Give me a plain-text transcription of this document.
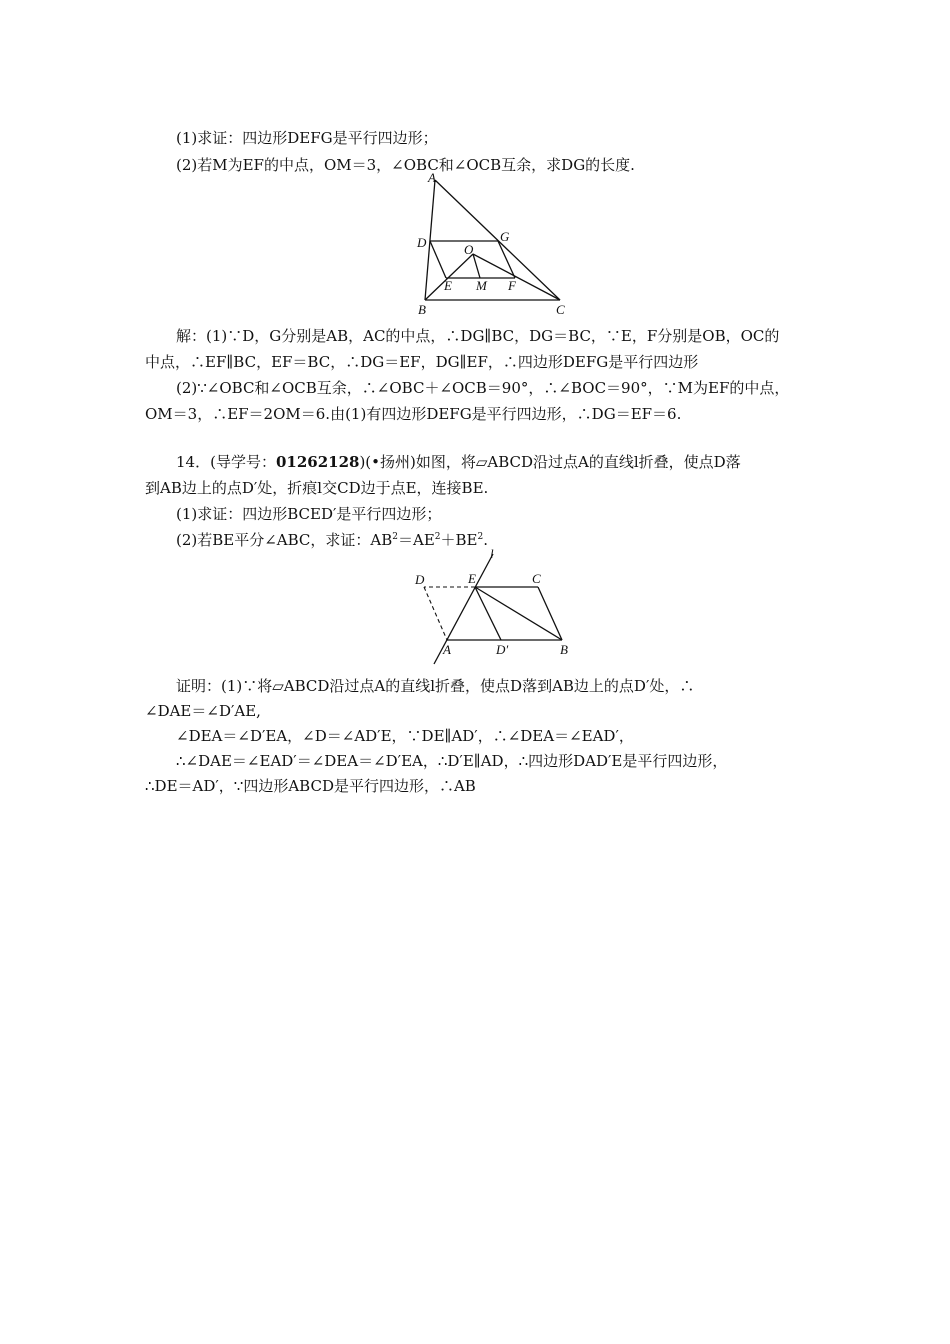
(1)求证：四边形DEFG是平行四边形；
(2)若M为EF的中点，OM＝3，∠OBC和∠OCB互余，求DG的长度.
A
B	C
D	G
O
E M F
解：(1)∵D，G分别是AB，AC的中点，∴DG∥BC，DG＝BC，∵E，F分别是OB，OC的
中点，∴EF∥BC，EF＝BC，∴DG＝EF，DG∥EF，∴四边形DEFG是平行四边形
(2)∵∠OBC和∠OCB互余，∴∠OBC＋∠OCB＝90°，∴∠BOC＝90°，∵M为EF的中点，
OM＝3，∴EF＝2OM＝6.由(1)有四边形DEFG是平行四边形，∴DG＝EF＝6.
14．(导学号：01262128)(•扬州)如图，将▱ABCD沿过点A的直线l折叠，使点D落
到AB边上的点D′处，折痕l交CD边于点E，连接BE.
(1)求证：四边形BCED′是平行四边形；
(2)若BE平分∠ABC，求证：$AB^2=AE^2+BE^2$.
l
D	E	C
A	D′	B
证明：(1)∵将▱ABCD沿过点A的直线l折叠，使点D落到AB边上的点D′处，∴
∠DAE＝∠D′AE,
∠DEA＝∠D′EA，∠D＝∠AD′E，∵DE∥AD′，∴∠DEA＝∠EAD′，
∴∠DAE＝∠EAD′＝∠DEA＝∠D′EA，∴D′E∥AD，∴四边形DAD′E是平行四边形，
∴DE＝AD′，∵四边形ABCD是平行四边形，∴AB
